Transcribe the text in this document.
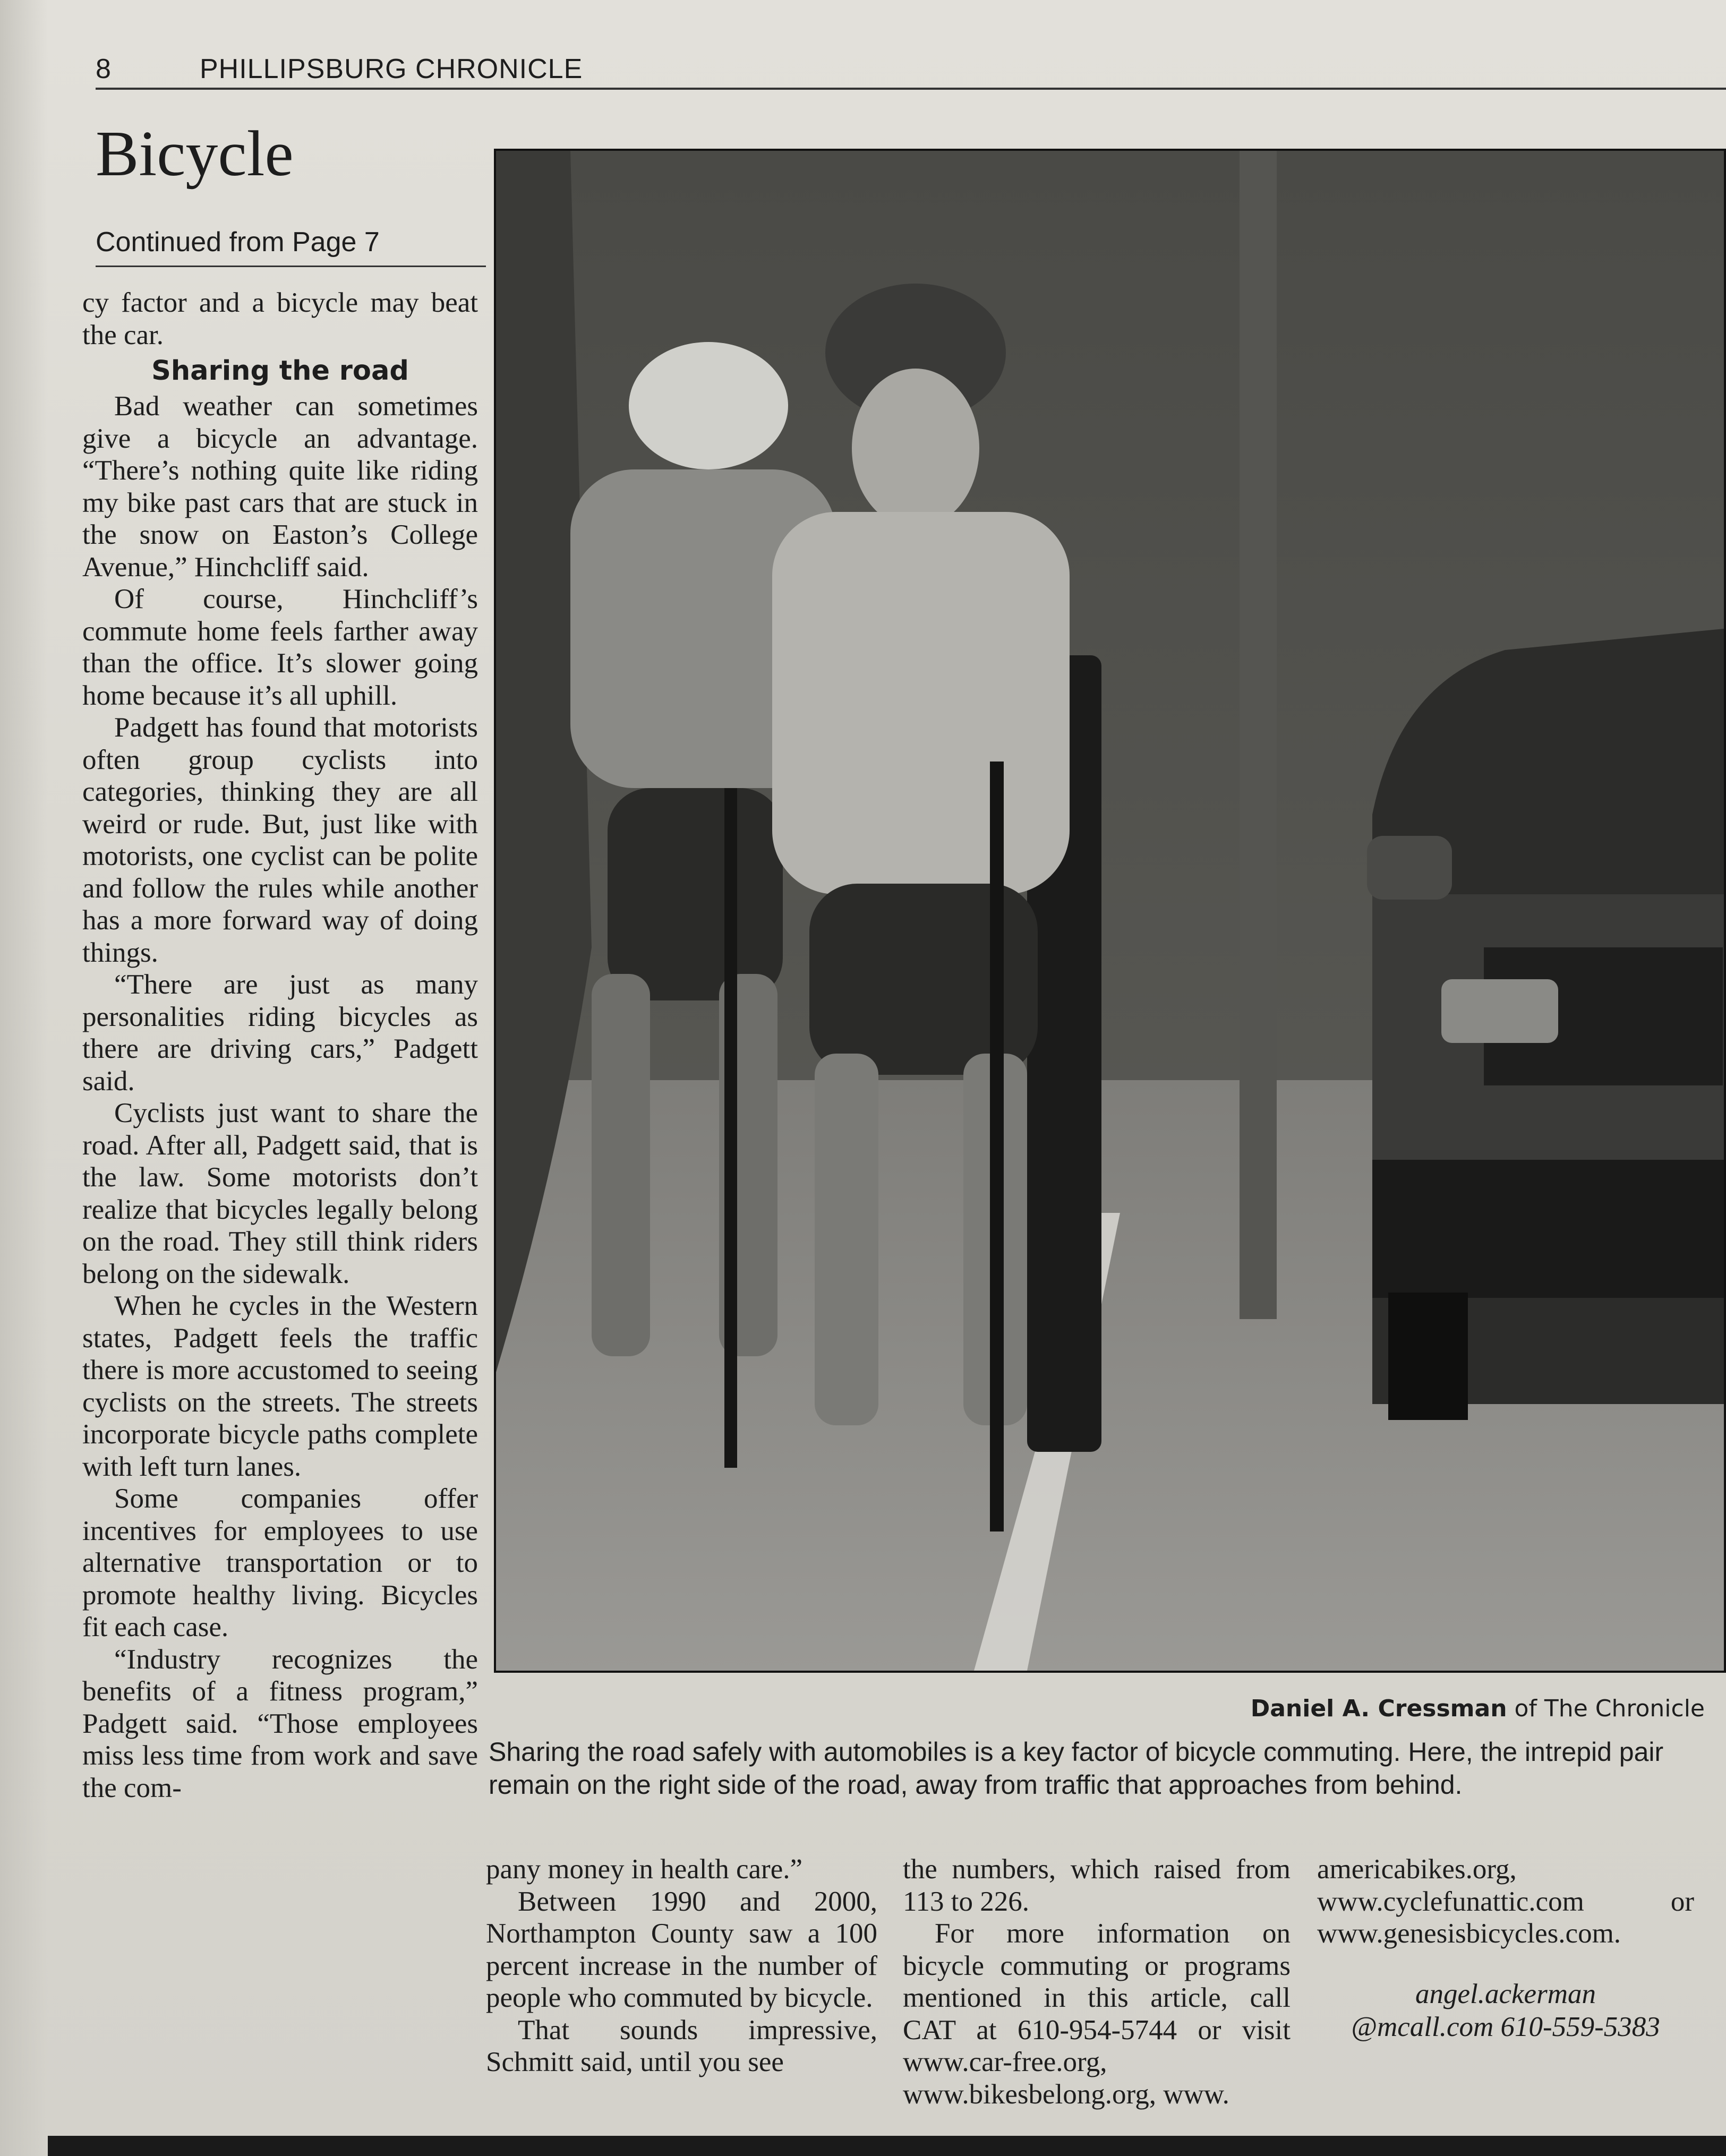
8	PHILLIPSBURG CHRONICLE
Bicycle
Continued from Page 7

cy factor and a bicycle may beat the car.

Sharing the road

Bad weather can sometimes give a bicycle an advantage. “There’s nothing quite like riding my bike past cars that are stuck in the snow on Easton’s College Avenue,” Hinchcliff said.

Of course, Hinchcliff’s commute home feels farther away than the office. It’s slower going home because it’s all uphill.

Padgett has found that motorists often group cyclists into categories, thinking they are all weird or rude. But, just like with motorists, one cyclist can be polite and follow the rules while another has a more forward way of doing things.

“There are just as many personalities riding bicycles as there are driving cars,” Padgett said.

Cyclists just want to share the road. After all, Padgett said, that is the law. Some motorists don’t realize that bicycles legally belong on the road. They still think riders belong on the sidewalk.

When he cycles in the Western states, Padgett feels the traffic there is more accustomed to seeing cyclists on the streets. The streets incorporate bicycle paths complete with left turn lanes.

Some companies offer incentives for employees to use alternative transportation or to promote healthy living. Bicycles fit each case.

“Industry recognizes the benefits of a fitness program,” Padgett said. “Those employees miss less time from work and save the com-

Daniel A. Cressman of The Chronicle
Sharing the road safely with automobiles is a key factor of bicycle commuting. Here, the intrepid pair remain on the right side of the road, away from traffic that approaches from behind.

pany money in health care.”

Between 1990 and 2000, Northampton County saw a 100 percent increase in the number of people who commuted by bicycle.

That sounds impressive, Schmitt said, until you see

the numbers, which raised from 113 to 226.

For more information on bicycle commuting or programs mentioned in this article, call CAT at 610-954-5744 or visit www.car-free.org, www.bikesbelong.org, www.

americabikes.org, www.cyclefunattic.com or www.genesisbicycles.com.

angel.ackerman
@mcall.com 610-559-5383
